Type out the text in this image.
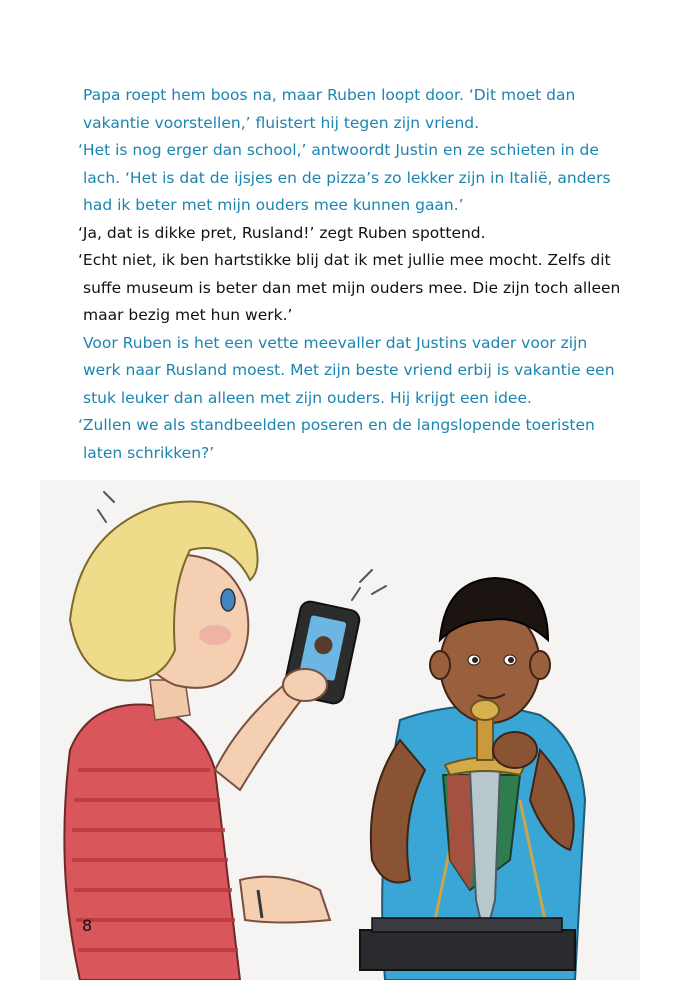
Papa roept hem boos na, maar Ruben loopt door. ‘Dit moet dan
vakantie voorstellen,’ fluistert hij tegen zijn vriend.
‘Het is nog erger dan school,’ antwoordt Justin en ze schieten in de
lach. ‘Het is dat de ijsjes en de pizza’s zo lekker zijn in Italië, anders
had ik beter met mijn ouders mee kunnen gaan.’
‘Ja, dat is dikke pret, Rusland!’ zegt Ruben spottend.
‘Echt niet, ik ben hartstikke blij dat ik met jullie mee mocht. Zelfs dit
suffe museum is beter dan met mijn ouders mee. Die zijn toch alleen
maar bezig met hun werk.’
Voor Ruben is het een vette meevaller dat Justins vader voor zijn
werk naar Rusland moest. Met zijn beste vriend erbij is vakantie een
stuk leuker dan alleen met zijn ouders. Hij krijgt een idee.
‘Zullen we als standbeelden poseren en de langslopende toeristen
laten schrikken?’
8
